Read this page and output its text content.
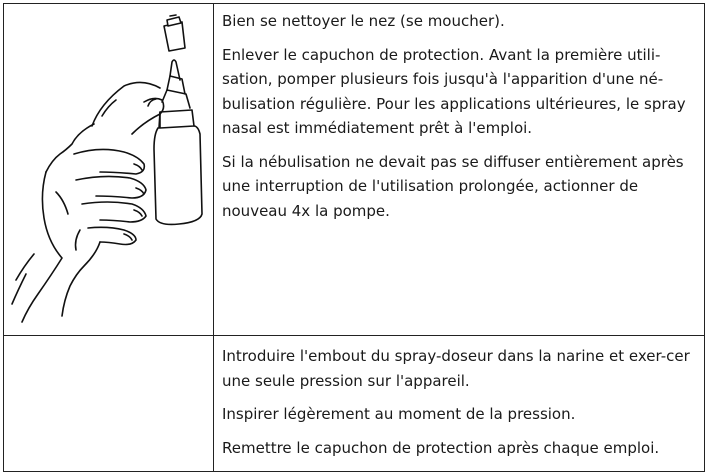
Bien se nettoyer le nez (se moucher).

Enlever le capuchon de protection. Avant la première utili-sation, pomper plusieurs fois jusqu'à l'apparition d'une né-bulisation régulière. Pour les applications ultérieures, le spray nasal est immédiatement prêt à l'emploi.

Si la nébulisation ne devait pas se diffuser entièrement après une interruption de l'utilisation prolongée, actionner de nouveau 4x la pompe.

Introduire l'embout du spray-doseur dans la narine et exer-cer une seule pression sur l'appareil.

Inspirer légèrement au moment de la pression.

Remettre le capuchon de protection après chaque emploi.
